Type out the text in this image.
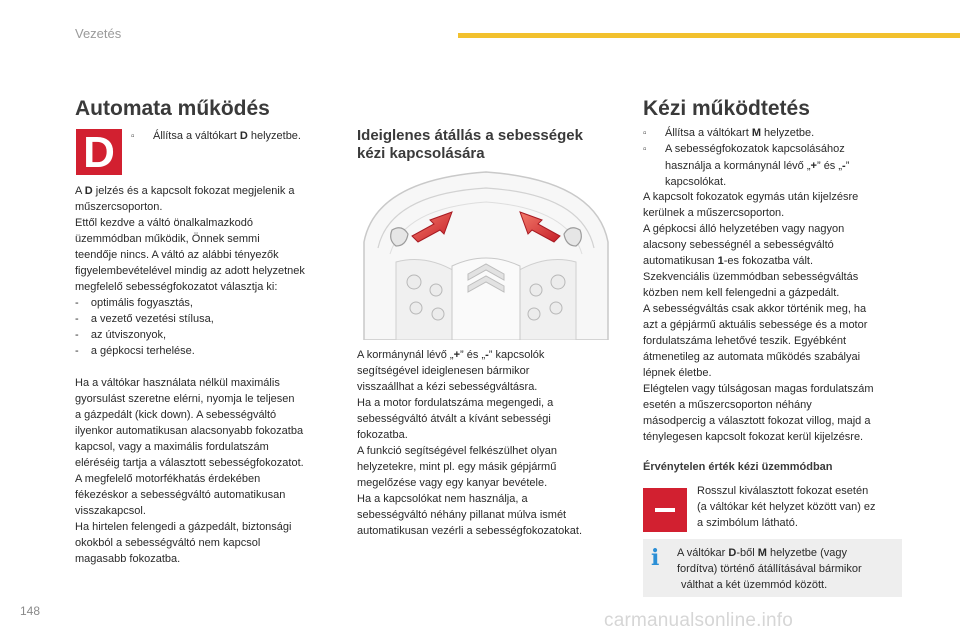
Vezetés
148	carmanualsonline.info
Automata működés
D	▫ Állítsa a váltókart D helyzetbe.
A D jelzés és a kapcsolt fokozat megjelenik a
műszercsoporton.
Ettől kezdve a váltó önalkalmazkodó
üzemmódban működik, Önnek semmi
teendője nincs. A váltó az alábbi tényezők
figyelembevételével mindig az adott helyzetnek
megfelelő sebességfokozatot választja ki:
-    optimális fogyasztás,
-    a vezető vezetési stílusa,
-    az útviszonyok,
-    a gépkocsi terhelése.
Ha a váltókar használata nélkül maximális
gyorsulást szeretne elérni, nyomja le teljesen
a gázpedált (kick down). A sebességváltó
ilyenkor automatikusan alacsonyabb fokozatba
kapcsol, vagy a maximális fordulatszám
eléréséig tartja a választott sebességfokozatot.
A megfelelő motorfékhatás érdekében
fékezéskor a sebességváltó automatikusan
visszakapcsol.
Ha hirtelen felengedi a gázpedált, biztonsági
okokból a sebességváltó nem kapcsol
magasabb fokozatba.
Ideiglenes átállás a sebességek
kézi kapcsolására
A kormánynál lévő „+” és „-” kapcsolók
segítségével ideiglenesen bármikor
visszaállhat a kézi sebességváltásra.
Ha a motor fordulatszáma megengedi, a
sebességváltó átvált a kívánt sebességi
fokozatba.
A funkció segítségével felkészülhet olyan
helyzetekre, mint pl. egy másik gépjármű
megelőzése vagy egy kanyar bevétele.
Ha a kapcsolókat nem használja, a
sebességváltó néhány pillanat múlva ismét
automatikusan vezérli a sebességfokozatokat.
Kézi működtetés
▫ Állítsa a váltókart M helyzetbe.
▫ A sebességfokozatok kapcsolásához
használja a kormánynál lévő „+” és „-”
kapcsolókat.
A kapcsolt fokozatok egymás után kijelzésre
kerülnek a műszercsoporton.
A gépkocsi álló helyzetében vagy nagyon
alacsony sebességnél a sebességváltó
automatikusan 1-es fokozatba vált.
Szekvenciális üzemmódban sebességváltás
közben nem kell felengedni a gázpedált.
A sebességváltás csak akkor történik meg, ha
azt a gépjármű aktuális sebessége és a motor
fordulatszáma lehetővé teszik. Egyébként
átmenetileg az automata működés szabályai
lépnek életbe.
Elégtelen vagy túlságosan magas fordulatszám
esetén a műszercsoporton néhány
másodpercig a választott fokozat villog, majd a
ténylegesen kapcsolt fokozat kerül kijelzésre.
Érvénytelen érték kézi üzemmódban
Rosszul kiválasztott fokozat esetén
(a váltókar két helyzet között van) ez
a szimbólum látható.
i	A váltókar D-ből M helyzetbe (vagy
fordítva) történő átállításával bármikor
válthat a két üzemmód között.
